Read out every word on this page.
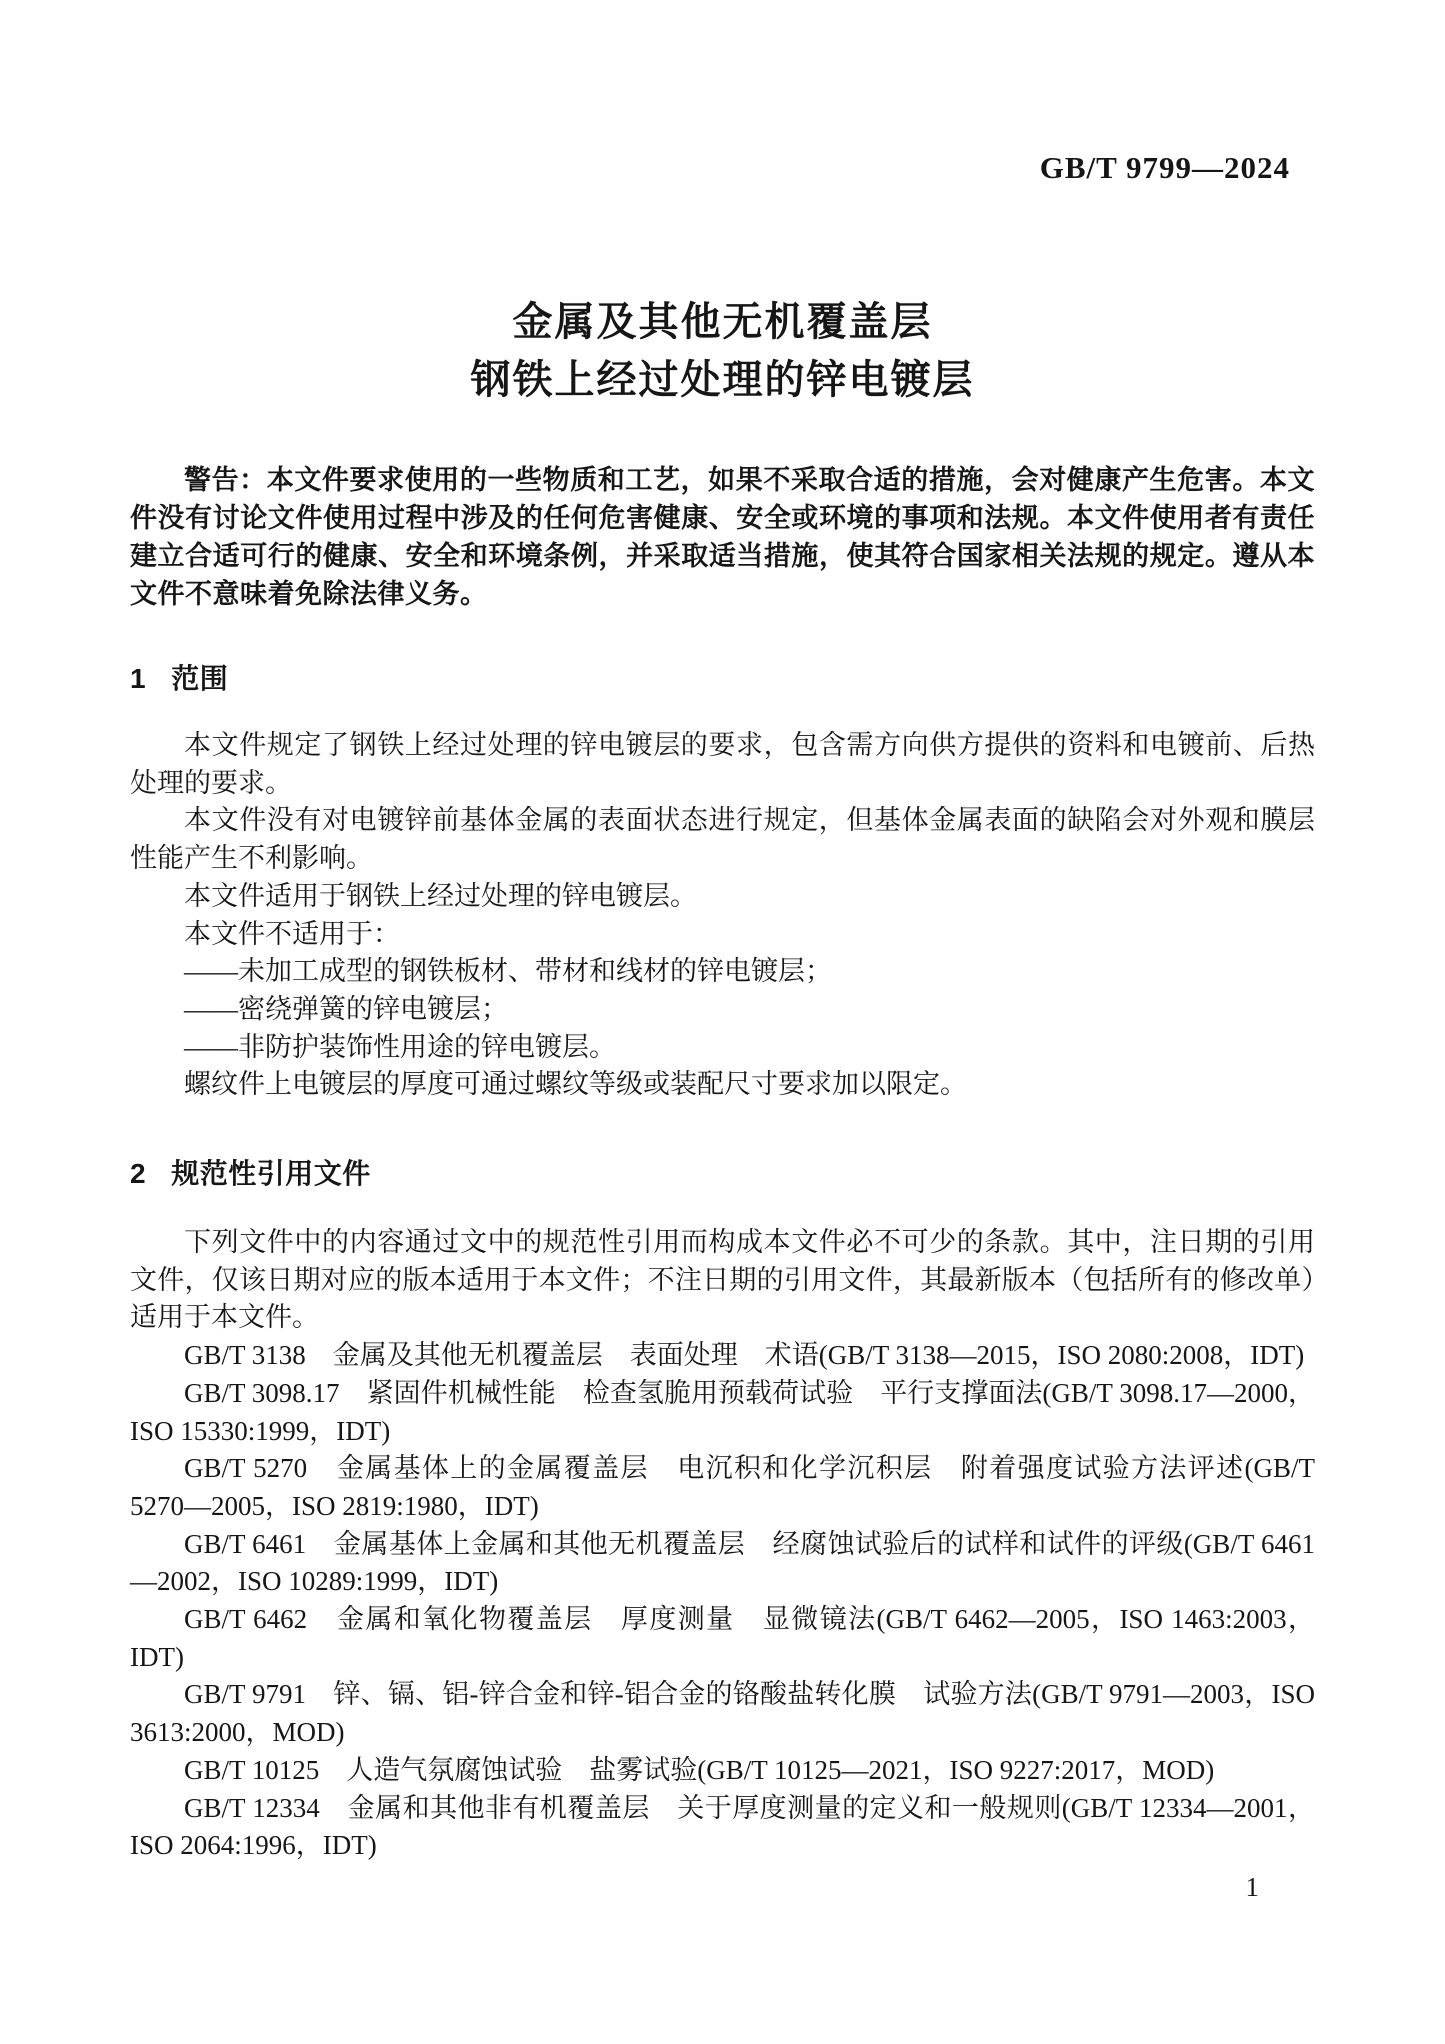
GB/T 9799—2024
金属及其他无机覆盖层
钢铁上经过处理的锌电镀层

警告：本文件要求使用的一些物质和工艺，如果不采取合适的措施，会对健康产生危害。本文件没有讨论文件使用过程中涉及的任何危害健康、安全或环境的事项和法规。本文件使用者有责任建立合适可行的健康、安全和环境条例，并采取适当措施，使其符合国家相关法规的规定。遵从本文件不意味着免除法律义务。

1 范围

本文件规定了钢铁上经过处理的锌电镀层的要求，包含需方向供方提供的资料和电镀前、后热处理的要求。

本文件没有对电镀锌前基体金属的表面状态进行规定，但基体金属表面的缺陷会对外观和膜层性能产生不利影响。

本文件适用于钢铁上经过处理的锌电镀层。

本文件不适用于：

——未加工成型的钢铁板材、带材和线材的锌电镀层；

——密绕弹簧的锌电镀层；

——非防护装饰性用途的锌电镀层。

螺纹件上电镀层的厚度可通过螺纹等级或装配尺寸要求加以限定。

2 规范性引用文件

下列文件中的内容通过文中的规范性引用而构成本文件必不可少的条款。其中，注日期的引用文件，仅该日期对应的版本适用于本文件；不注日期的引用文件，其最新版本（包括所有的修改单）适用于本文件。

GB/T 3138　金属及其他无机覆盖层　表面处理　术语(GB/T 3138—2015，ISO 2080:2008，IDT)

GB/T 3098.17　紧固件机械性能　检查氢脆用预载荷试验　平行支撑面法(GB/T 3098.17—2000，ISO 15330:1999，IDT)

GB/T 5270　金属基体上的金属覆盖层　电沉积和化学沉积层　附着强度试验方法评述(GB/T 5270—2005，ISO 2819:1980，IDT)

GB/T 6461　金属基体上金属和其他无机覆盖层　经腐蚀试验后的试样和试件的评级(GB/T 6461—2002，ISO 10289:1999，IDT)

GB/T 6462　金属和氧化物覆盖层　厚度测量　显微镜法(GB/T 6462—2005，ISO 1463:2003，IDT)

GB/T 9791　锌、镉、铝-锌合金和锌-铝合金的铬酸盐转化膜　试验方法(GB/T 9791—2003，ISO 3613:2000，MOD)

GB/T 10125　人造气氛腐蚀试验　盐雾试验(GB/T 10125—2021，ISO 9227:2017，MOD)

GB/T 12334　金属和其他非有机覆盖层　关于厚度测量的定义和一般规则(GB/T 12334—2001，ISO 2064:1996，IDT)

1
